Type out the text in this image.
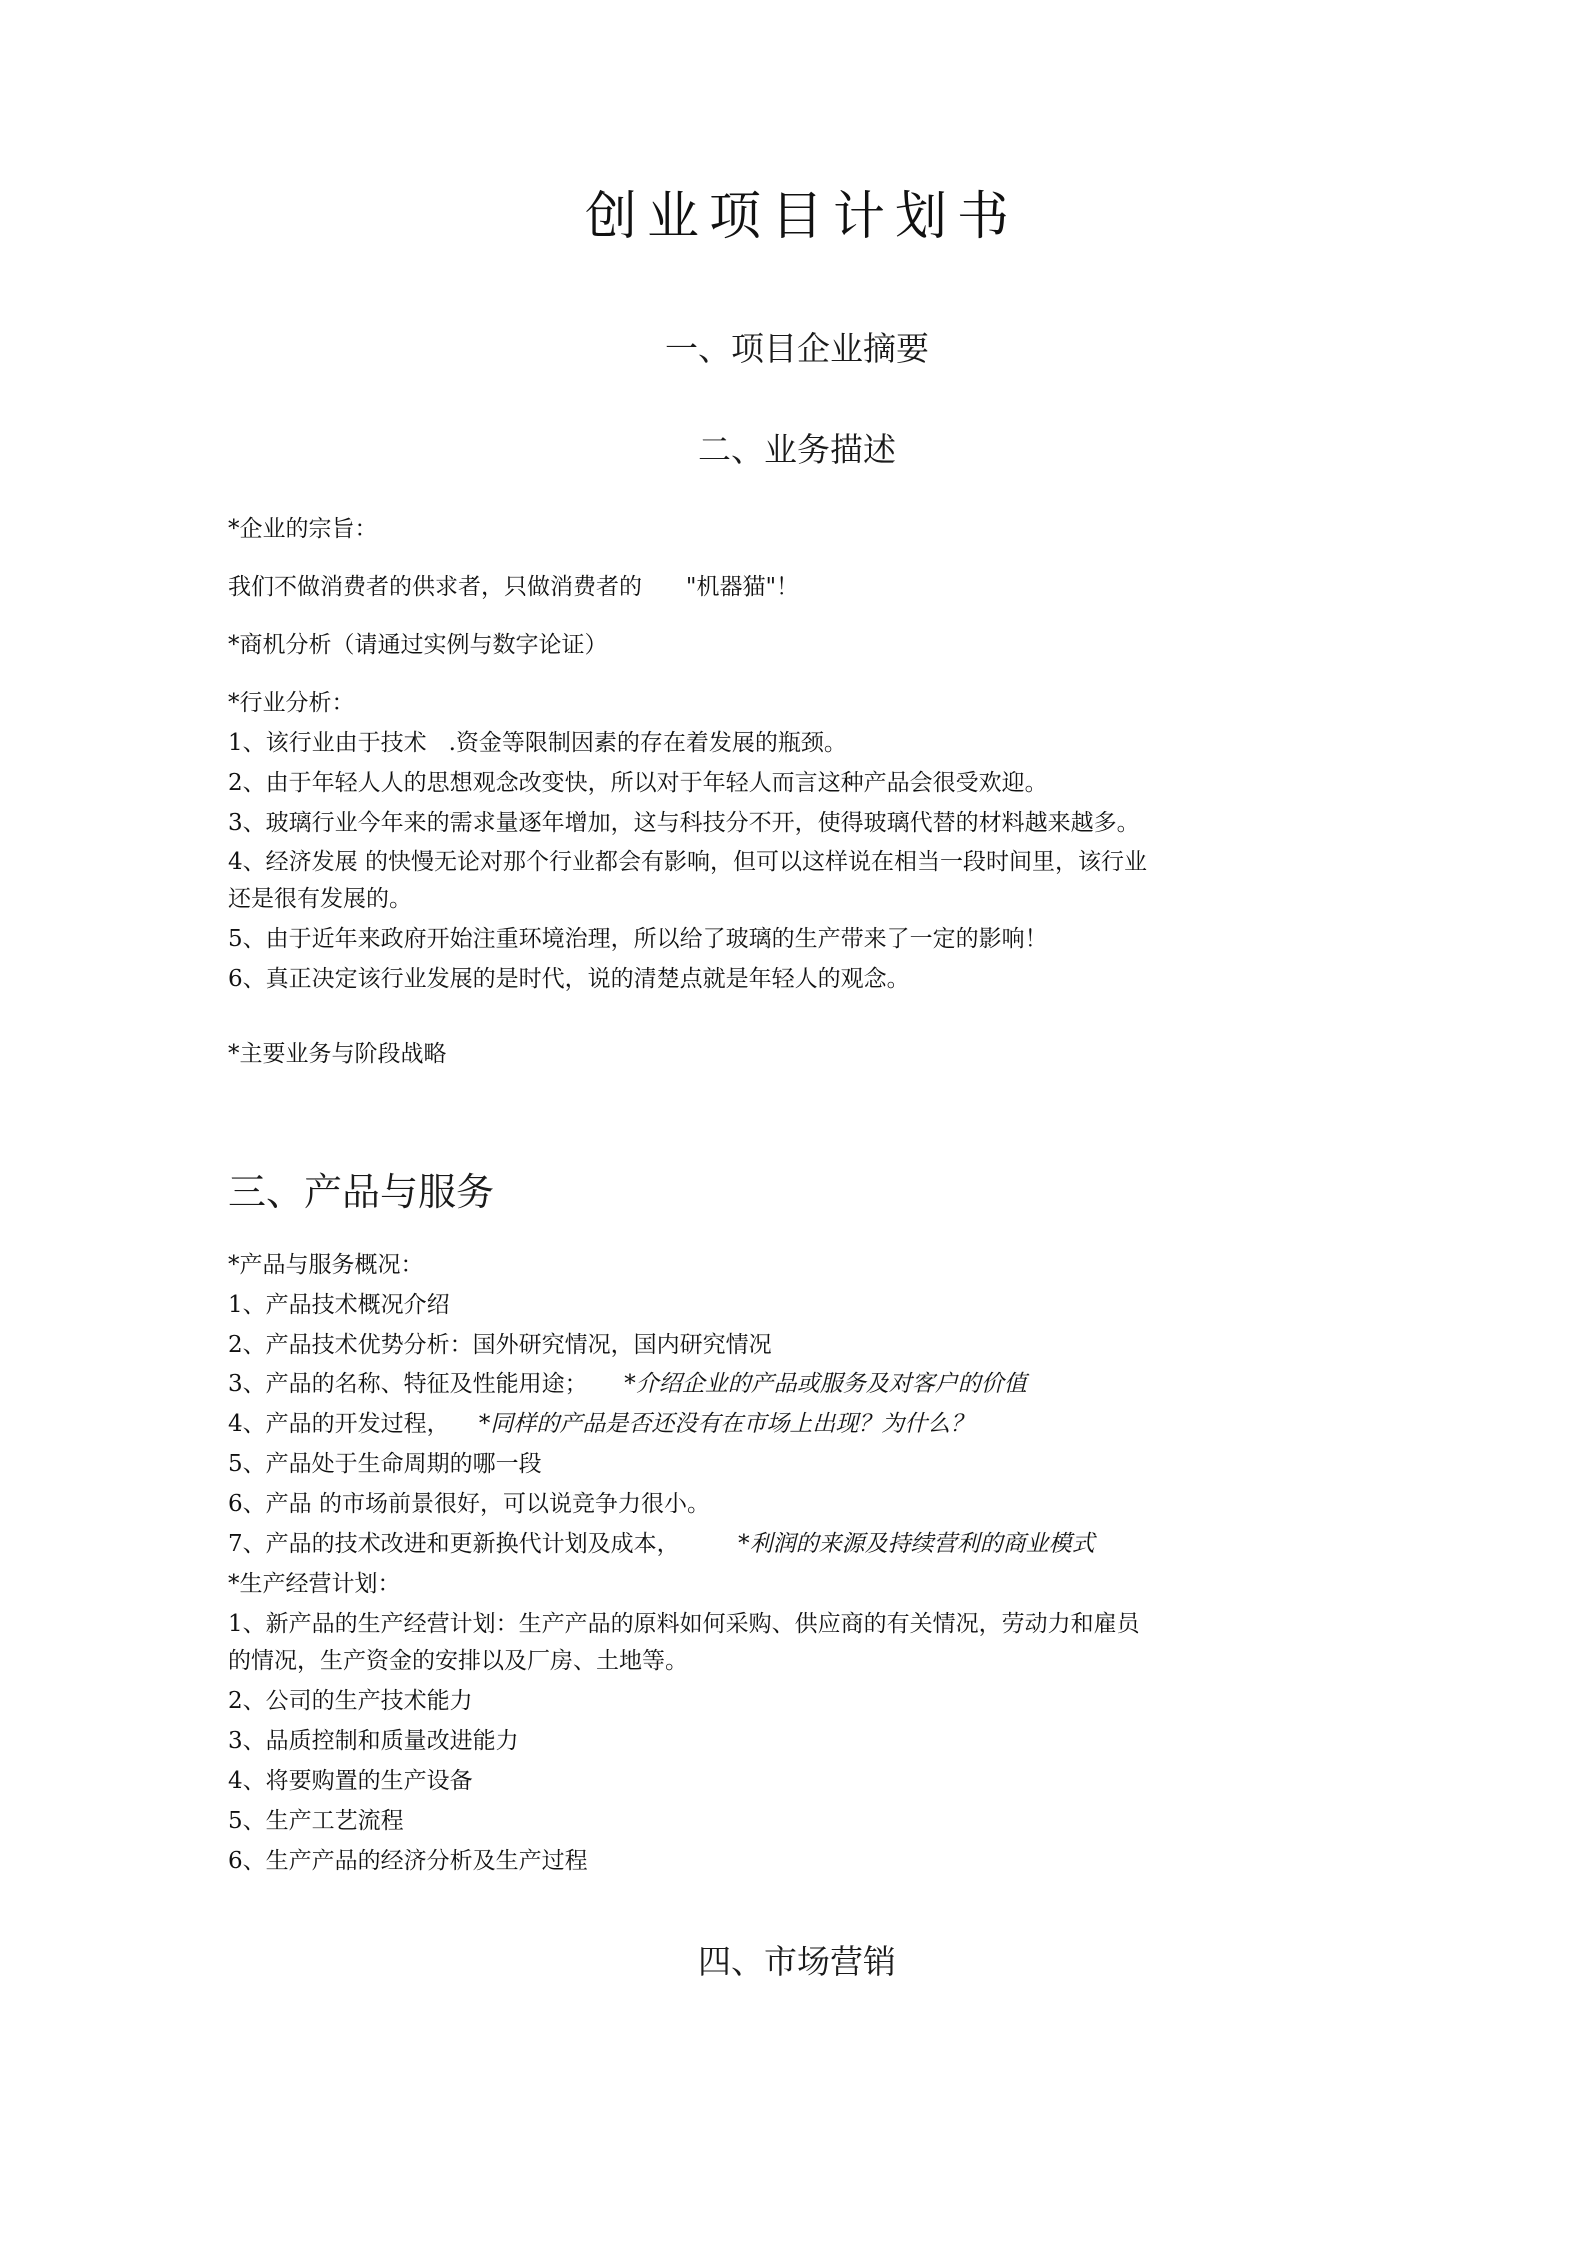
创业项目计划书
一、项目企业摘要
二、业务描述

*企业的宗旨：

我们不做消费者的供求者，只做消费者的 "机器猫"！

*商机分析（请通过实例与数字论证）

*行业分析：

1、该行业由于技术 .资金等限制因素的存在着发展的瓶颈。

2、由于年轻人人的思想观念改变快，所以对于年轻人而言这种产品会很受欢迎。

3、玻璃行业今年来的需求量逐年增加，这与科技分不开，使得玻璃代替的材料越来越多。

4、经济发展 的快慢无论对那个行业都会有影响，但可以这样说在相当一段时间里，该行业

还是很有发展的。

5、由于近年来政府开始注重环境治理，所以给了玻璃的生产带来了一定的影响！

6、真正决定该行业发展的是时代，说的清楚点就是年轻人的观念。

*主要业务与阶段战略

三、产品与服务

*产品与服务概况：

1、产品技术概况介绍

2、产品技术优势分析：国外研究情况，国内研究情况

3、产品的名称、特征及性能用途； *介绍企业的产品或服务及对客户的价值

4、产品的开发过程， *同样的产品是否还没有在市场上出现？为什么？

5、产品处于生命周期的哪一段

6、产品 的市场前景很好，可以说竞争力很小。

7、产品的技术改进和更新换代计划及成本，	*利润的来源及持续营利的商业模式

*生产经营计划：

1、新产品的生产经营计划：生产产品的原料如何采购、供应商的有关情况，劳动力和雇员

的情况，生产资金的安排以及厂房、土地等。

2、公司的生产技术能力

3、品质控制和质量改进能力

4、将要购置的生产设备

5、生产工艺流程

6、生产产品的经济分析及生产过程

四、市场营销
